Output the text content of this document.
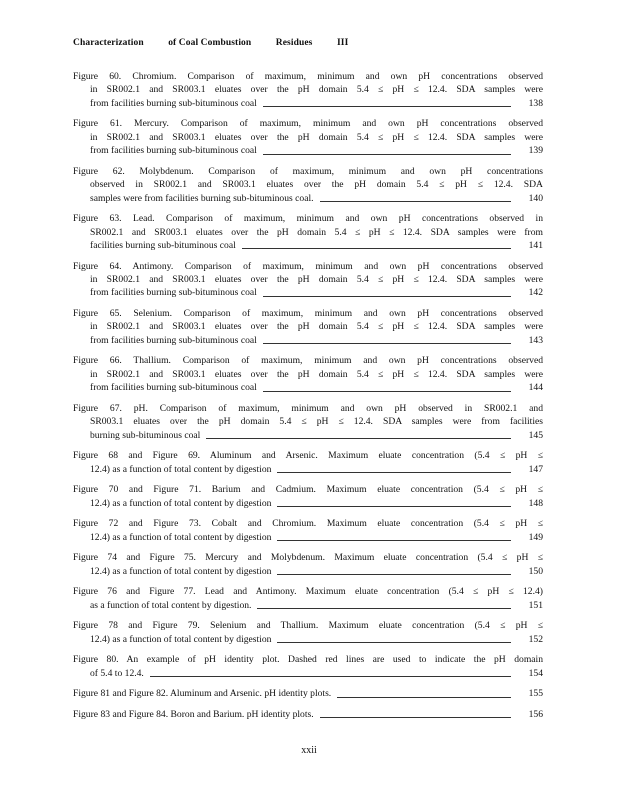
Characterization	of Coal Combustion	Residues	III
Figure 60. Chromium. Comparison of maximum, minimum and own pH concentrations observed
in SR002.1 and SR003.1 eluates over the pH domain 5.4 ≤ pH ≤ 12.4. SDA samples were
from facilities burning sub-bituminous coal	138
Figure 61. Mercury. Comparison of maximum, minimum and own pH concentrations observed
in SR002.1 and SR003.1 eluates over the pH domain 5.4 ≤ pH ≤ 12.4. SDA samples were
from facilities burning sub-bituminous coal	139
Figure 62. Molybdenum. Comparison of maximum, minimum and own pH concentrations
observed in SR002.1 and SR003.1 eluates over the pH domain 5.4 ≤ pH ≤ 12.4. SDA
samples were from facilities burning sub-bituminous coal.	140
Figure 63. Lead. Comparison of maximum, minimum and own pH concentrations observed in
SR002.1 and SR003.1 eluates over the pH domain 5.4 ≤ pH ≤ 12.4. SDA samples were from
facilities burning sub-bituminous coal	141
Figure 64. Antimony. Comparison of maximum, minimum and own pH concentrations observed
in SR002.1 and SR003.1 eluates over the pH domain 5.4 ≤ pH ≤ 12.4. SDA samples were
from facilities burning sub-bituminous coal	142
Figure 65. Selenium. Comparison of maximum, minimum and own pH concentrations observed
in SR002.1 and SR003.1 eluates over the pH domain 5.4 ≤ pH ≤ 12.4. SDA samples were
from facilities burning sub-bituminous coal	143
Figure 66. Thallium. Comparison of maximum, minimum and own pH concentrations observed
in SR002.1 and SR003.1 eluates over the pH domain 5.4 ≤ pH ≤ 12.4. SDA samples were
from facilities burning sub-bituminous coal	144
Figure 67. pH. Comparison of maximum, minimum and own pH observed in SR002.1 and
SR003.1 eluates over the pH domain 5.4 ≤ pH ≤ 12.4. SDA samples were from facilities
burning sub-bituminous coal	145
Figure 68 and Figure 69. Aluminum and Arsenic. Maximum eluate concentration (5.4 ≤ pH ≤
12.4) as a function of total content by digestion	147
Figure 70 and Figure 71. Barium and Cadmium. Maximum eluate concentration (5.4 ≤ pH ≤
12.4) as a function of total content by digestion	148
Figure 72 and Figure 73. Cobalt and Chromium. Maximum eluate concentration (5.4 ≤ pH ≤
12.4) as a function of total content by digestion	149
Figure 74 and Figure 75. Mercury and Molybdenum. Maximum eluate concentration (5.4 ≤ pH ≤
12.4) as a function of total content by digestion	150
Figure 76 and Figure 77. Lead and Antimony. Maximum eluate concentration (5.4 ≤ pH ≤ 12.4)
as a function of total content by digestion.	151
Figure 78 and Figure 79. Selenium and Thallium. Maximum eluate concentration (5.4 ≤ pH ≤
12.4) as a function of total content by digestion	152
Figure 80. An example of pH identity plot. Dashed red lines are used to indicate the pH domain
of 5.4 to 12.4.	154
Figure 81 and Figure 82. Aluminum and Arsenic. pH identity plots.	155
Figure 83 and Figure 84. Boron and Barium. pH identity plots.	156
xxii
